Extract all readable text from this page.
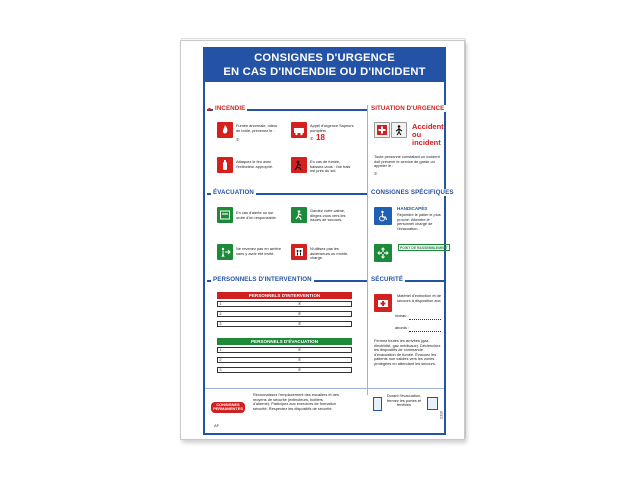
CONSIGNES D'URGENCE
EN CAS D'INCENDIE OU D'INCIDENT
INCENDIE
Fumée anormale, odeur de brûlé, prévenez le :
✆
Appel d'urgence Sapeurs pompiers
✆ 18
Attaquez le feu avec l'extincteur approprié.
En cas de fumée, baissez-vous : l'air frais est près du sol.
SITUATION D'URGENCE
Accident ou incident
Toute personne constatant un incident doit prévenir le service de garde ou appeler le :
✆
ÉVACUATION
En cas d'alerte ou sur ordre d'un responsable.
Gardez votre calme, dirigez-vous vers les issues de secours.
Ne revenez pas en arrière sans y avoir été invité.
N'utilisez pas les ascenseurs ou monte-charge.
CONSIGNES SPÉCIFIQUES
HANDICAPÉS
Rejoindre le palier le plus proche. Attendre le personnel chargé de l'évacuation.
POINT DE RASSEMBLEMENT
PERSONNELS D'INTERVENTION
PERSONNELS D'INTERVENTION
1	✆
2	✆
3	✆
PERSONNELS D'ÉVACUATION
1	✆
2	✆
3	✆
SÉCURITÉ
Matériel d'extinction et de secours à disposition aux
niveau :
abords :
Fermez toutes les arrivées (gaz, électricité, gaz médicaux). Déclenchez les dispositifs de commande d'évacuation de fumée. Évacuez les patients non valides vers les zones protégées en attendant les secours.
CONSIGNES PERMANENTES
Reconnaissez l'emplacement des escaliers et des moyens de sécurité (extincteurs, boîtiers d'alarme). Participez aux exercices de formation sécurité. Respectez les dispositifs de sécurité.
Durant l'évacuation, fermez les portes et fenêtres
AF
E318
